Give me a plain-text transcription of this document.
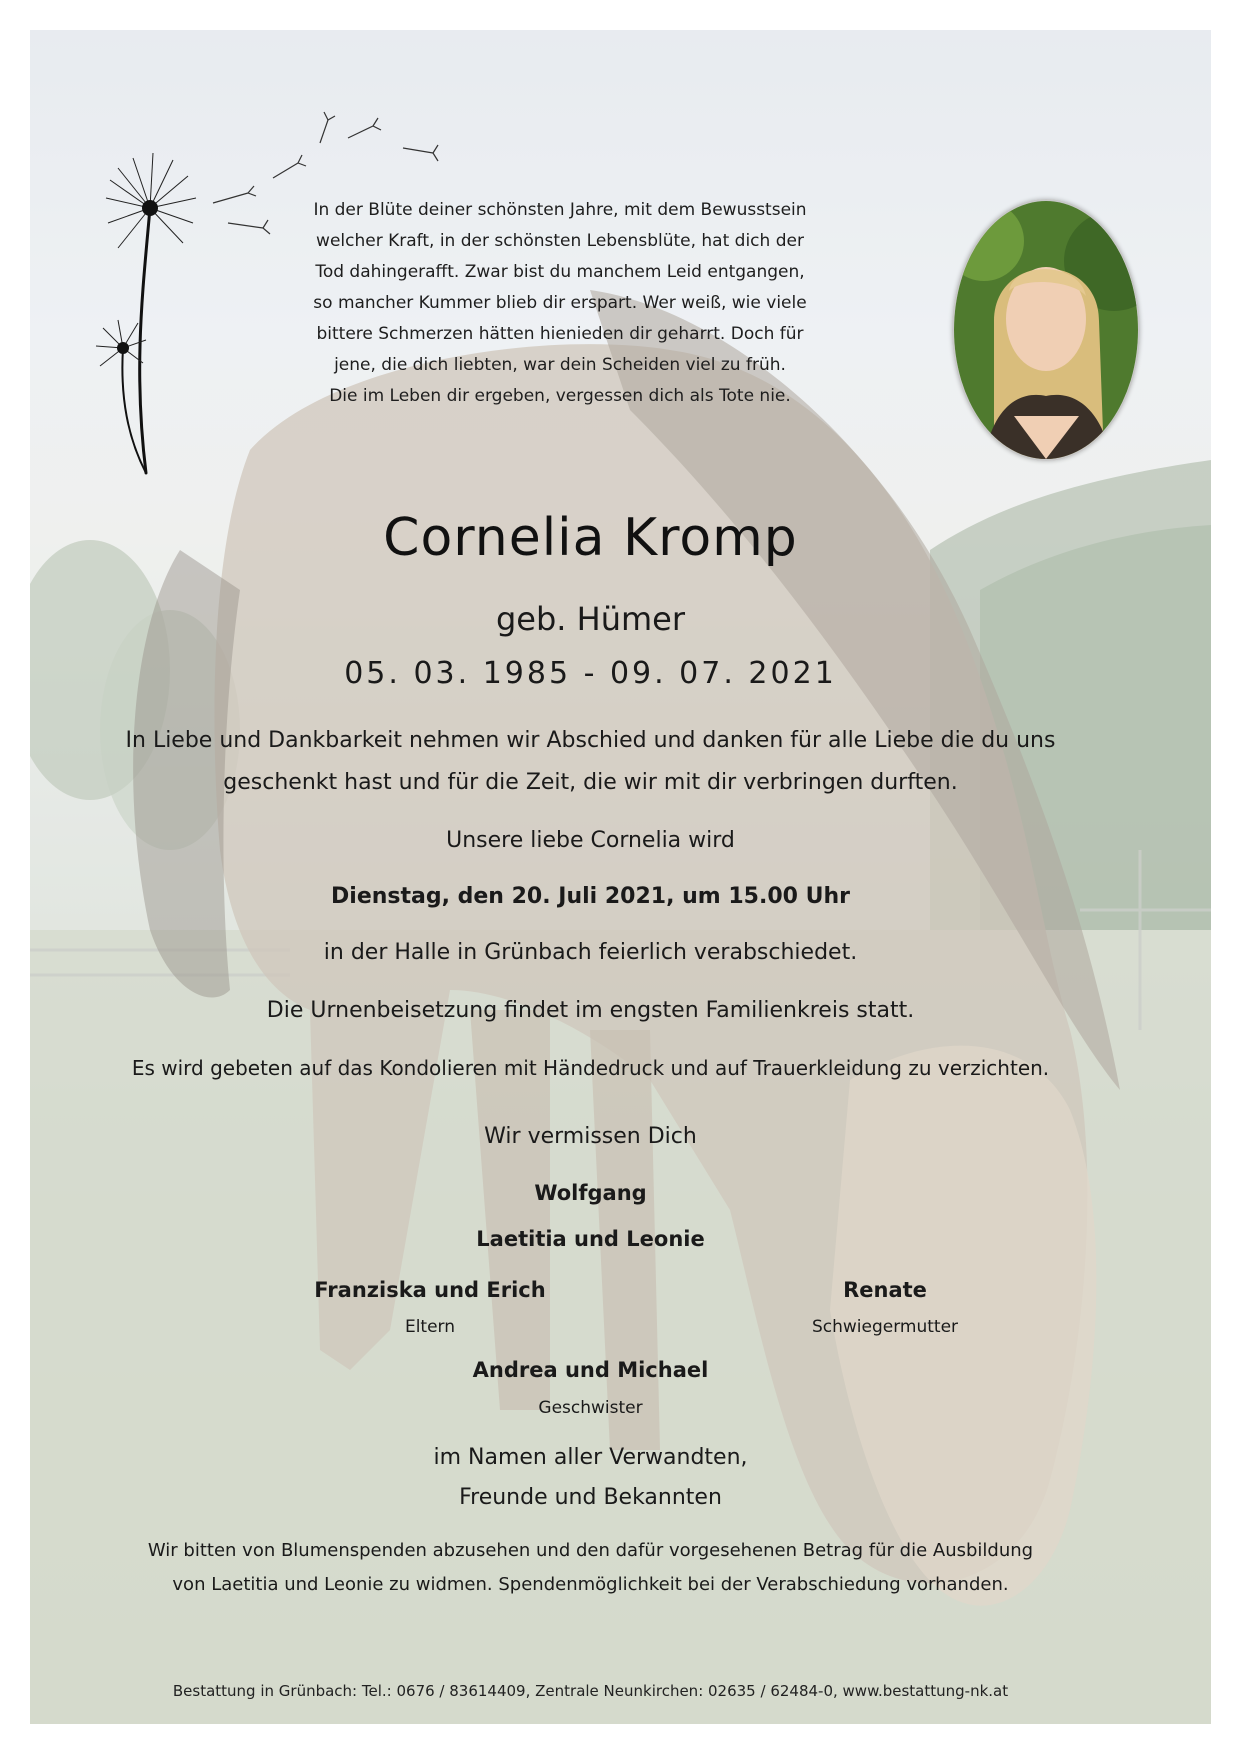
In der Blüte deiner schönsten Jahre, mit dem Bewusstsein
welcher Kraft, in der schönsten Lebensblüte, hat dich der
Tod dahingerafft. Zwar bist du manchem Leid entgangen,
so mancher Kummer blieb dir erspart. Wer weiß, wie viele
bittere Schmerzen hätten hienieden dir geharrt. Doch für
jene, die dich liebten, war dein Scheiden viel zu früh.
Die im Leben dir ergeben, vergessen dich als Tote nie.
Cornelia Kromp
geb. Hümer
05. 03. 1985 - 09. 07. 2021
In Liebe und Dankbarkeit nehmen wir Abschied und danken für alle Liebe die du uns
geschenkt hast und für die Zeit, die wir mit dir verbringen durften.
Unsere liebe Cornelia wird
Dienstag, den 20. Juli 2021, um 15.00 Uhr
in der Halle in Grünbach feierlich verabschiedet.
Die Urnenbeisetzung findet im engsten Familienkreis statt.
Es wird gebeten auf das Kondolieren mit Händedruck und auf Trauerkleidung zu verzichten.
Wir vermissen Dich
Wolfgang
Laetitia und Leonie
Franziska und Erich
Eltern
Renate
Schwiegermutter
Andrea und Michael
Geschwister
im Namen aller Verwandten,
Freunde und Bekannten
Wir bitten von Blumenspenden abzusehen und den dafür vorgesehenen Betrag für die Ausbildung
von Laetitia und Leonie zu widmen. Spendenmöglichkeit bei der Verabschiedung vorhanden.
Bestattung in Grünbach: Tel.: 0676 / 83614409, Zentrale Neunkirchen: 02635 / 62484-0, www.bestattung-nk.at
